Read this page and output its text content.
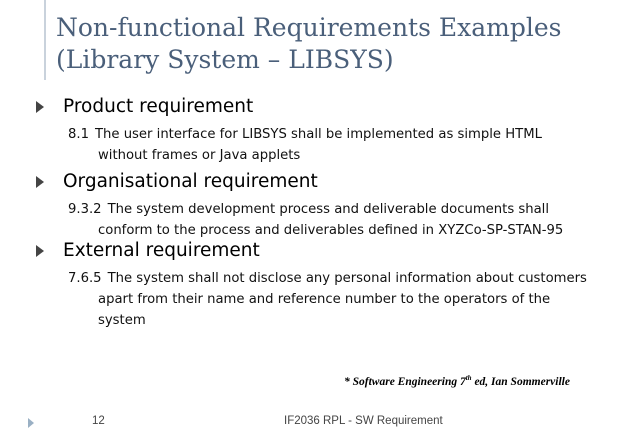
Non-functional Requirements Examples
(Library System – LIBSYS)
Product requirement
8.1 The user interface for LIBSYS shall be implemented as simple HTML
without frames or Java applets
Organisational requirement
9.3.2 The system development process and deliverable documents shall
conform to the process and deliverables defined in XYZCo-SP-STAN-95
External requirement
7.6.5 The system shall not disclose any personal information about customers
apart from their name and reference number to the operators of the
system
* Software Engineering 7th ed, Ian Sommerville
12	IF2036 RPL - SW Requirement
